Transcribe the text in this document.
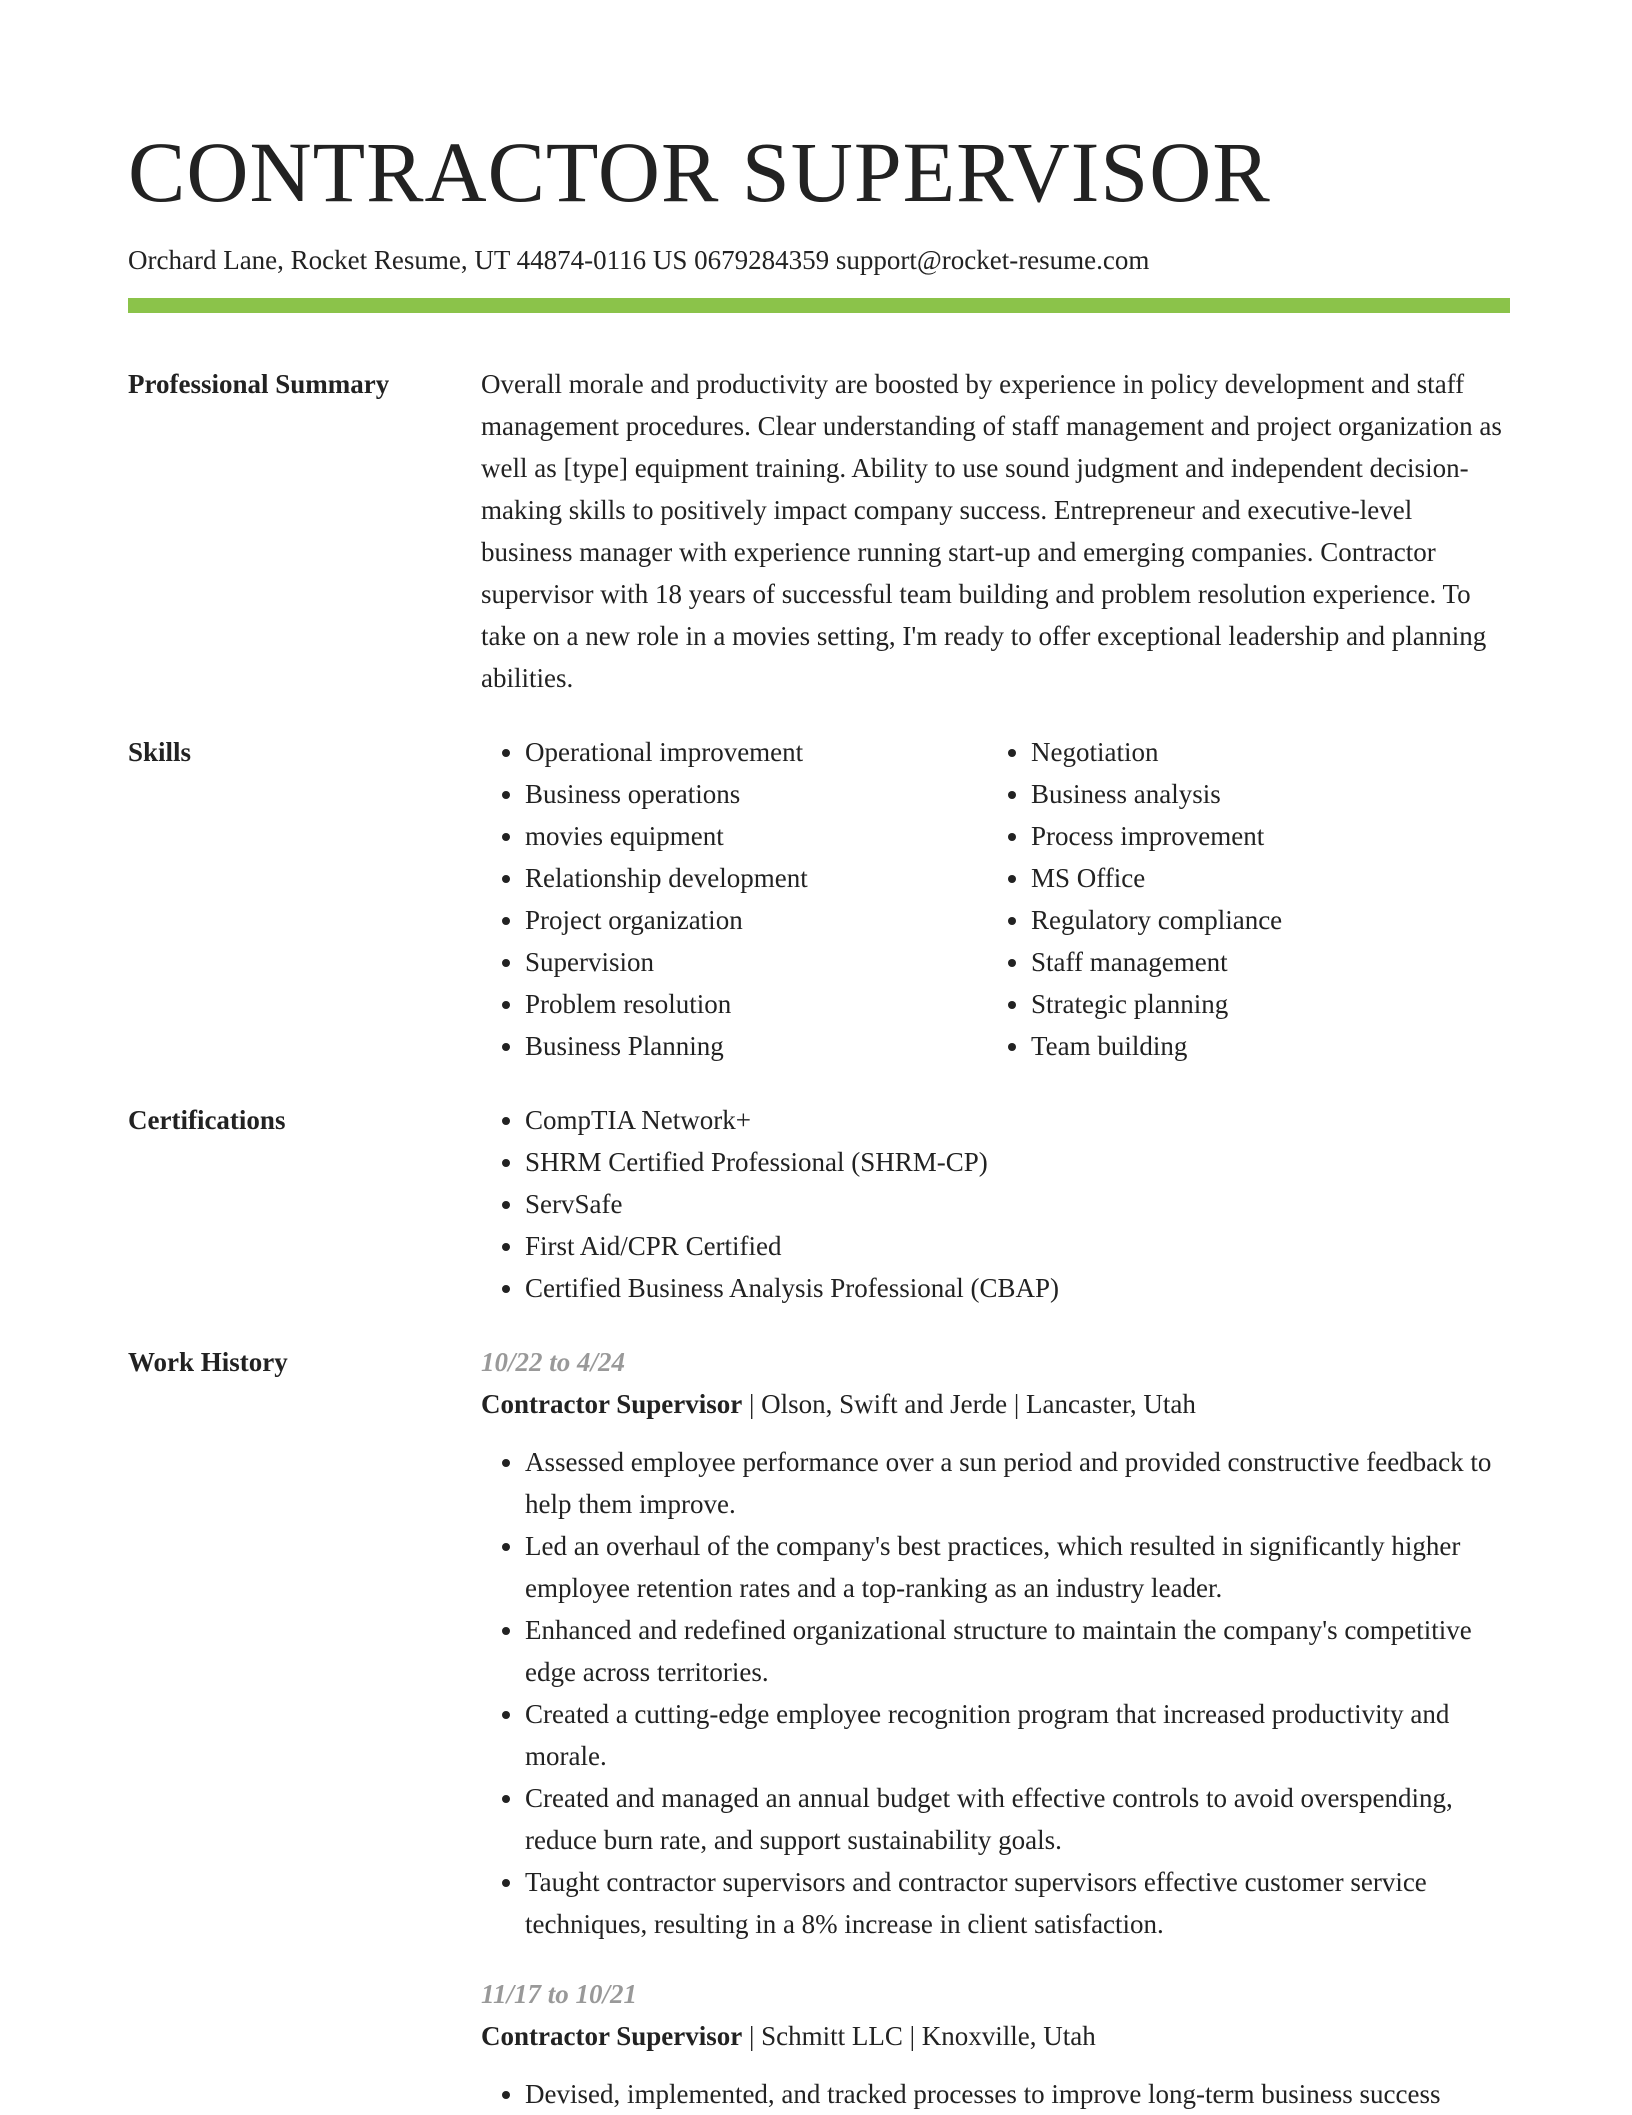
CONTRACTOR SUPERVISOR
Orchard Lane, Rocket Resume, UT 44874-0116 US 0679284359 support@rocket-resume.com
Professional Summary	Overall morale and productivity are boosted by experience in policy development and staff management procedures. Clear understanding of staff management and project organization as well as [type] equipment training. Ability to use sound judgment and independent decision-making skills to positively impact company success. Entrepreneur and executive-level business manager with experience running start-up and emerging companies. Contractor supervisor with 18 years of successful team building and problem resolution experience. To take on a new role in a movies setting, I'm ready to offer exceptional leadership and planning abilities.

Skills	• Operational improvement
• Business operations
• movies equipment
• Relationship development
• Project organization
• Supervision
• Problem resolution
• Business Planning
• Negotiation
• Business analysis
• Process improvement
• MS Office
• Regulatory compliance
• Staff management
• Strategic planning
• Team building
Certifications	• CompTIA Network+
• SHRM Certified Professional (SHRM-CP)
• ServSafe
• First Aid/CPR Certified
• Certified Business Analysis Professional (CBAP)
Work History	10/22 to 4/24
Contractor Supervisor | Olson, Swift and Jerde | Lancaster, Utah
• Assessed employee performance over a sun period and provided constructive feedback to help them improve.
• Led an overhaul of the company's best practices, which resulted in significantly higher employee retention rates and a top-ranking as an industry leader.
• Enhanced and redefined organizational structure to maintain the company's competitive edge across territories.
• Created a cutting-edge employee recognition program that increased productivity and morale.
• Created and managed an annual budget with effective controls to avoid overspending, reduce burn rate, and support sustainability goals.
• Taught contractor supervisors and contractor supervisors effective customer service techniques, resulting in a 8% increase in client satisfaction.
11/17 to 10/21
Contractor Supervisor | Schmitt LLC | Knoxville, Utah
• Devised, implemented, and tracked processes to improve long-term business success
